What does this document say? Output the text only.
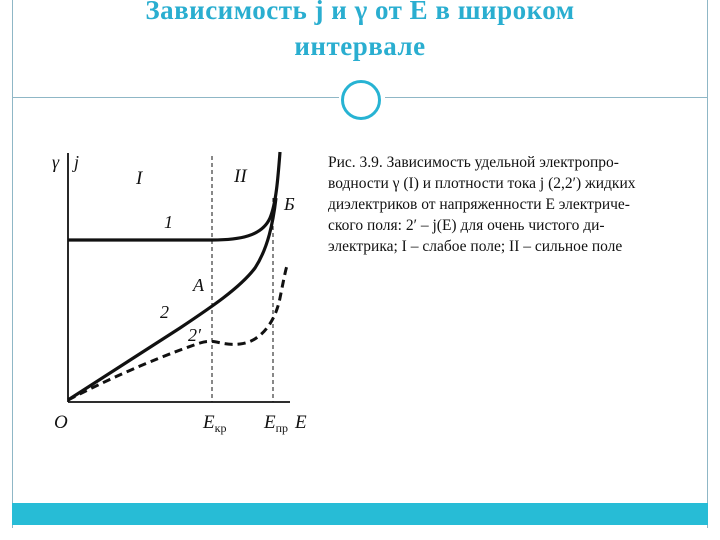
Зависимость j и γ от Е в широком
интервале
γ j
I	II
1
Б
A
2
2′
O	E
$E_{кр}$ $E_{пр}$
Рис. 3.9. Зависимость удельной электропро-
водности γ (I) и плотности тока j (2,2′) жидких
диэлектриков от напряженности E электриче-
ского поля: 2′ – j(E) для очень чистого ди-
электрика; I – слабое поле; II – сильное поле
